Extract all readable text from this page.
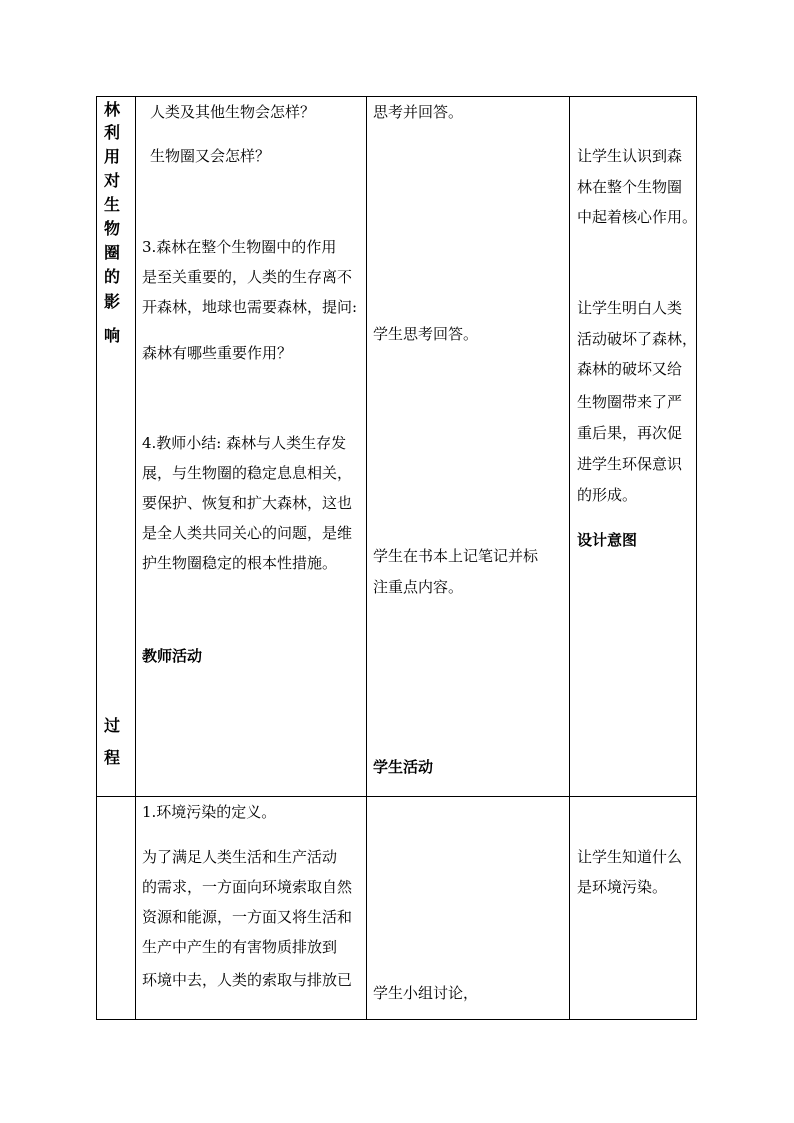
林
利
用
对
生
物
圈
的
影
响
过
程
人类及其他生物会怎样？
生物圈又会怎样？
3.森林在整个生物圈中的作用
是至关重要的，人类的生存离不
开森林，地球也需要森林，提问:
森林有哪些重要作用？
4.教师小结: 森林与人类生存发
展，与生物圈的稳定息息相关，
要保护、恢复和扩大森林，这也
是全人类共同关心的问题，是维
护生物圈稳定的根本性措施。
教师活动
思考并回答。
学生思考回答。
学生在书本上记笔记并标
注重点内容。
学生活动
让学生认识到森
林在整个生物圈
中起着核心作用。
让学生明白人类
活动破坏了森林，
森林的破坏又给
生物圈带来了严
重后果，再次促
进学生环保意识
的形成。
设计意图
1.环境污染的定义。
为了满足人类生活和生产活动
的需求，一方面向环境索取自然
资源和能源，一方面又将生活和
生产中产生的有害物质排放到
环境中去，人类的索取与排放已
学生小组讨论，
让学生知道什么
是环境污染。
